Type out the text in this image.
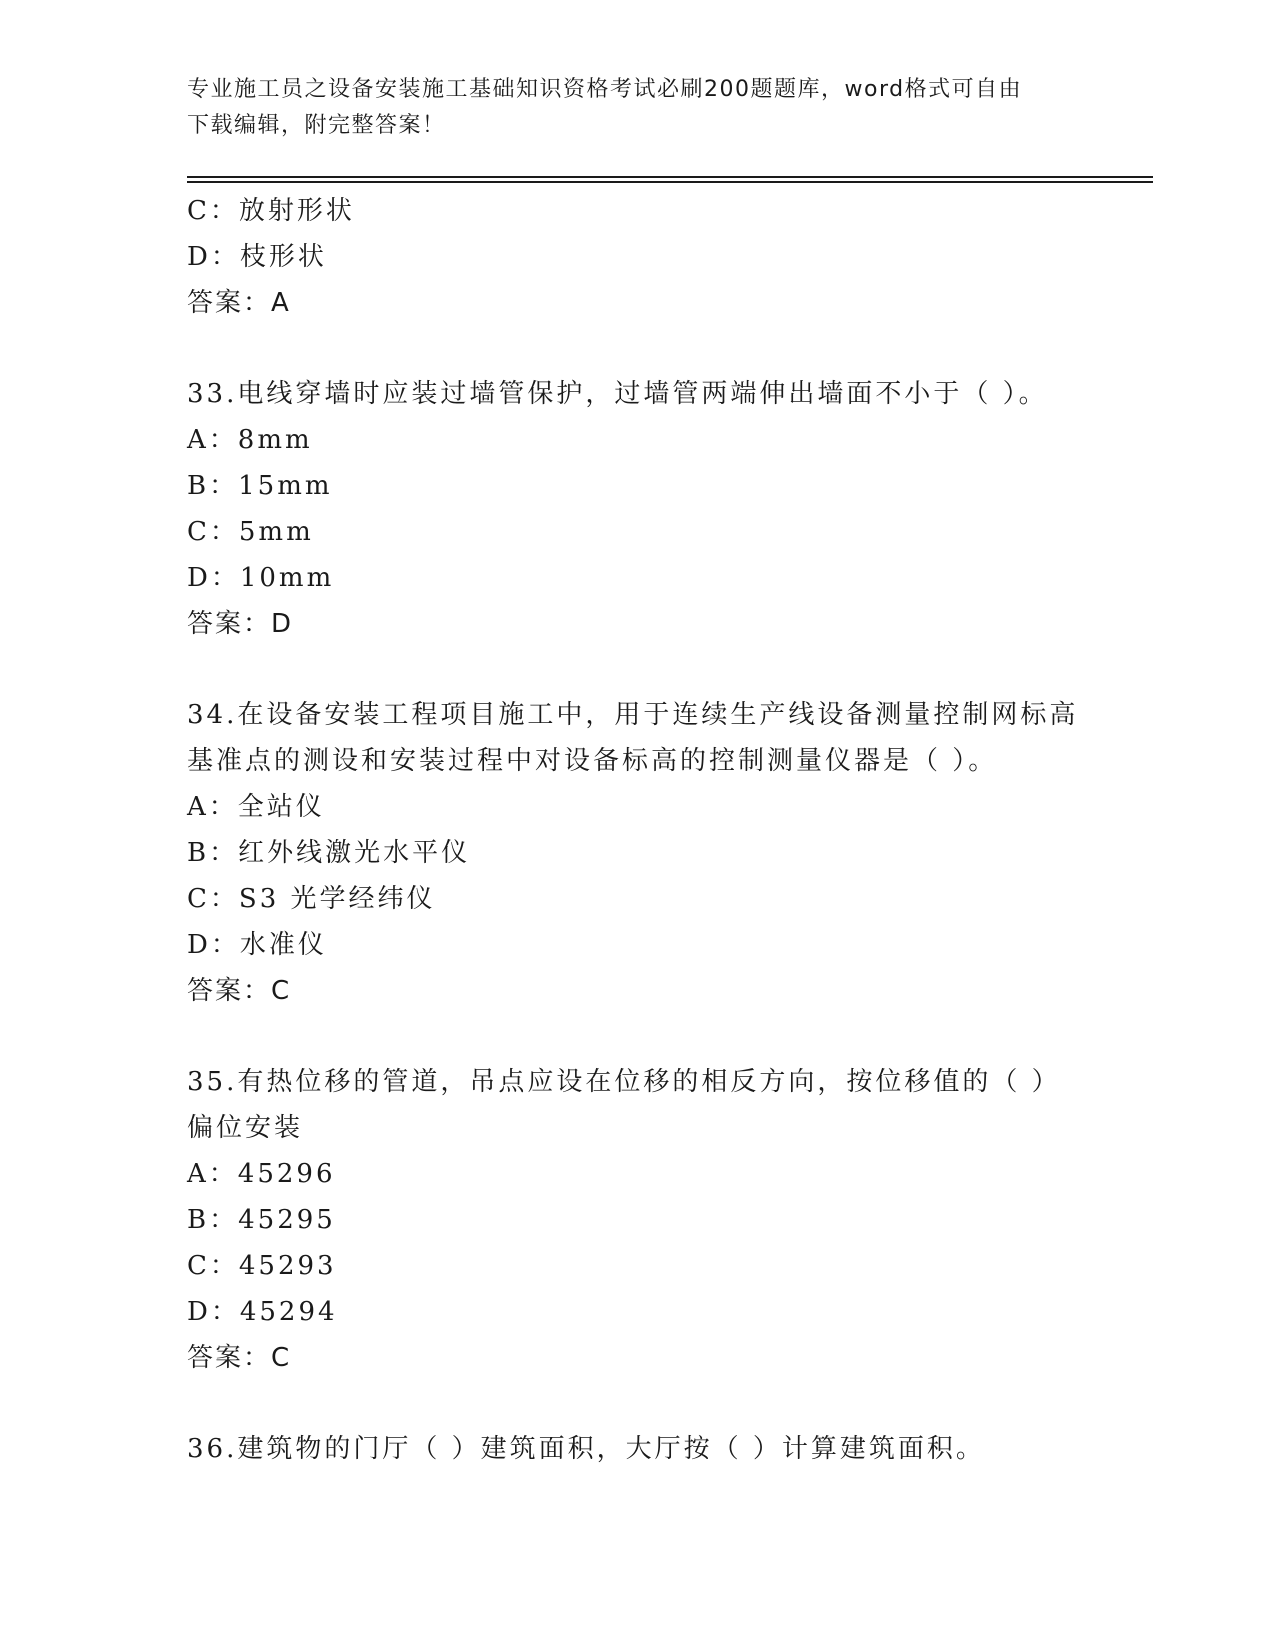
专业施工员之设备安装施工基础知识资格考试必刷200题题库，word格式可自由
下载编辑，附完整答案！
C：放射形状
D：枝形状
答案：A
33.电线穿墙时应装过墙管保护，过墙管两端伸出墙面不小于（ ）。
A：8mm
B：15mm
C：5mm
D：10mm
答案：D
34.在设备安装工程项目施工中，用于连续生产线设备测量控制网标高
基准点的测设和安装过程中对设备标高的控制测量仪器是（ ）。
A：全站仪
B：红外线激光水平仪
C：S3 光学经纬仪
D：水准仪
答案：C
35.有热位移的管道，吊点应设在位移的相反方向，按位移值的（ ）
偏位安装
A：45296
B：45295
C：45293
D：45294
答案：C
36.建筑物的门厅（ ）建筑面积，大厅按（ ）计算建筑面积。
